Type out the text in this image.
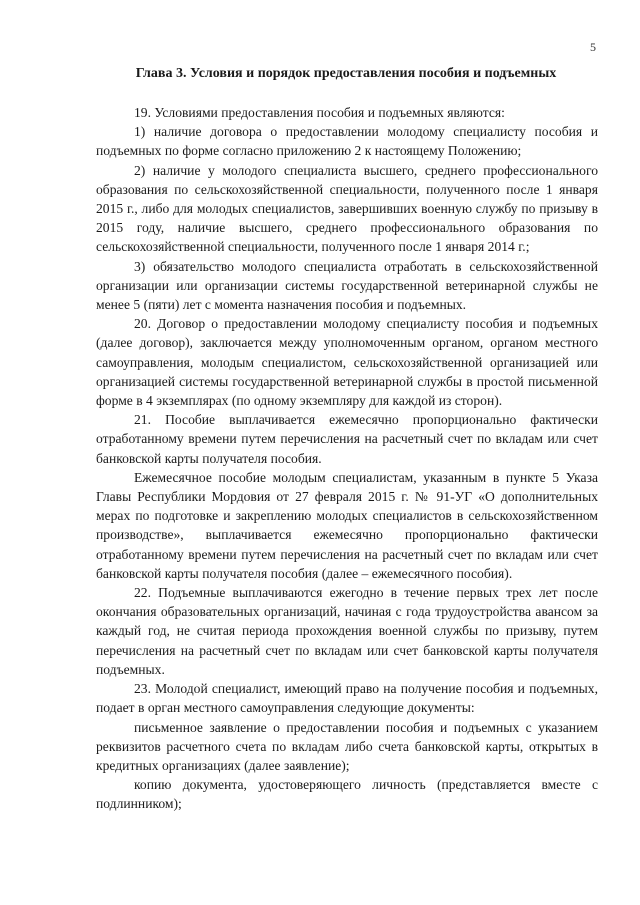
5
Глава 3. Условия и порядок предоставления пособия и подъемных

19. Условиями предоставления пособия и подъемных являются:

1) наличие договора о предоставлении молодому специалисту пособия и подъемных по форме согласно приложению 2 к настоящему Положению;

2) наличие у молодого специалиста высшего, среднего профессионального образования по сельскохозяйственной специальности, полученного после 1 января 2015 г., либо для молодых специалистов, завершивших военную службу по призыву в 2015 году, наличие высшего, среднего профессионального образования по сельскохозяйственной специальности, полученного после 1 января 2014 г.;

3) обязательство молодого специалиста отработать в сельскохозяйственной организации или организации системы государственной ветеринарной службы не менее 5 (пяти) лет с момента назначения пособия и подъемных.

20. Договор о предоставлении молодому специалисту пособия и подъемных (далее договор), заключается между уполномоченным органом, органом местного самоуправления, молодым специалистом, сельскохозяйственной организацией или организацией системы государственной ветеринарной службы в простой письменной форме в 4 экземплярах (по одному экземпляру для каждой из сторон).

21. Пособие выплачивается ежемесячно пропорционально фактически отработанному времени путем перечисления на расчетный счет по вкладам или счет банковской карты получателя пособия.

Ежемесячное пособие молодым специалистам, указанным в пункте 5 Указа Главы Республики Мордовия от 27 февраля 2015 г. № 91-УГ «О дополнительных мерах по подготовке и закреплению молодых специалистов в сельскохозяйственном производстве», выплачивается ежемесячно пропорционально фактически отработанному времени путем перечисления на расчетный счет по вкладам или счет банковской карты получателя пособия (далее – ежемесячного пособия).

22. Подъемные выплачиваются ежегодно в течение первых трех лет после окончания образовательных организаций, начиная с года трудоустройства авансом за каждый год, не считая периода прохождения военной службы по призыву, путем перечисления на расчетный счет по вкладам или счет банковской карты получателя подъемных.

23. Молодой специалист, имеющий право на получение пособия и подъемных, подает в орган местного самоуправления следующие документы:

письменное заявление о предоставлении пособия и подъемных с указанием реквизитов расчетного счета по вкладам либо счета банковской карты, открытых в кредитных организациях (далее заявление);

копию документа, удостоверяющего личность (представляется вместе с подлинником);
